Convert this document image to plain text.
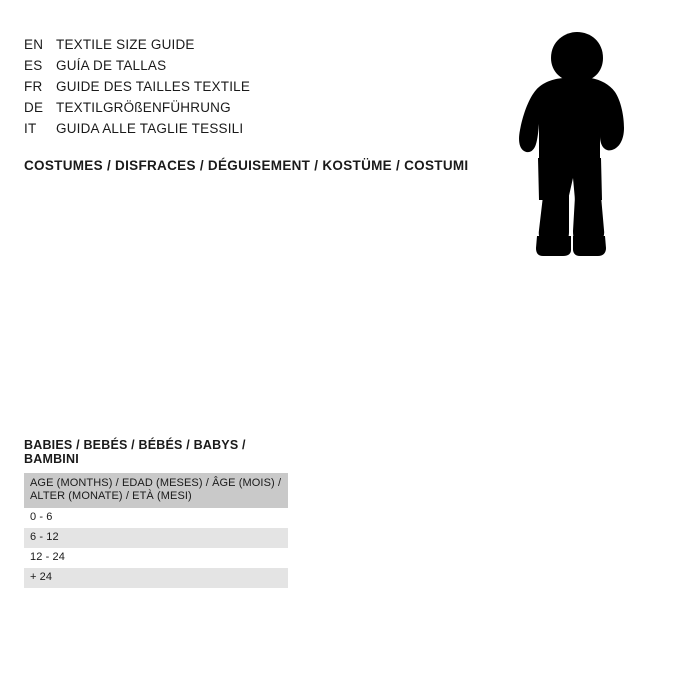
EN TEXTILE SIZE GUIDE
ES	GUÍA DE TALLAS
FR	GUIDE DES TAILLES TEXTILE
DE TEXTILGRÖßENFÜHRUNG
IT	GUIDA ALLE TAGLIE TESSILI
COSTUMES / DISFRACES / DÉGUISEMENT / KOSTÜME / COSTUMI
BABIES / BEBÉS / BÉBÉS / BABYS / BAMBINI
AGE (MONTHS) / EDAD (MESES) / ÂGE (MOIS) / ALTER (MONATE) / ETÀ (MESI)
0 - 6
6 - 12
12 - 24
+ 24
